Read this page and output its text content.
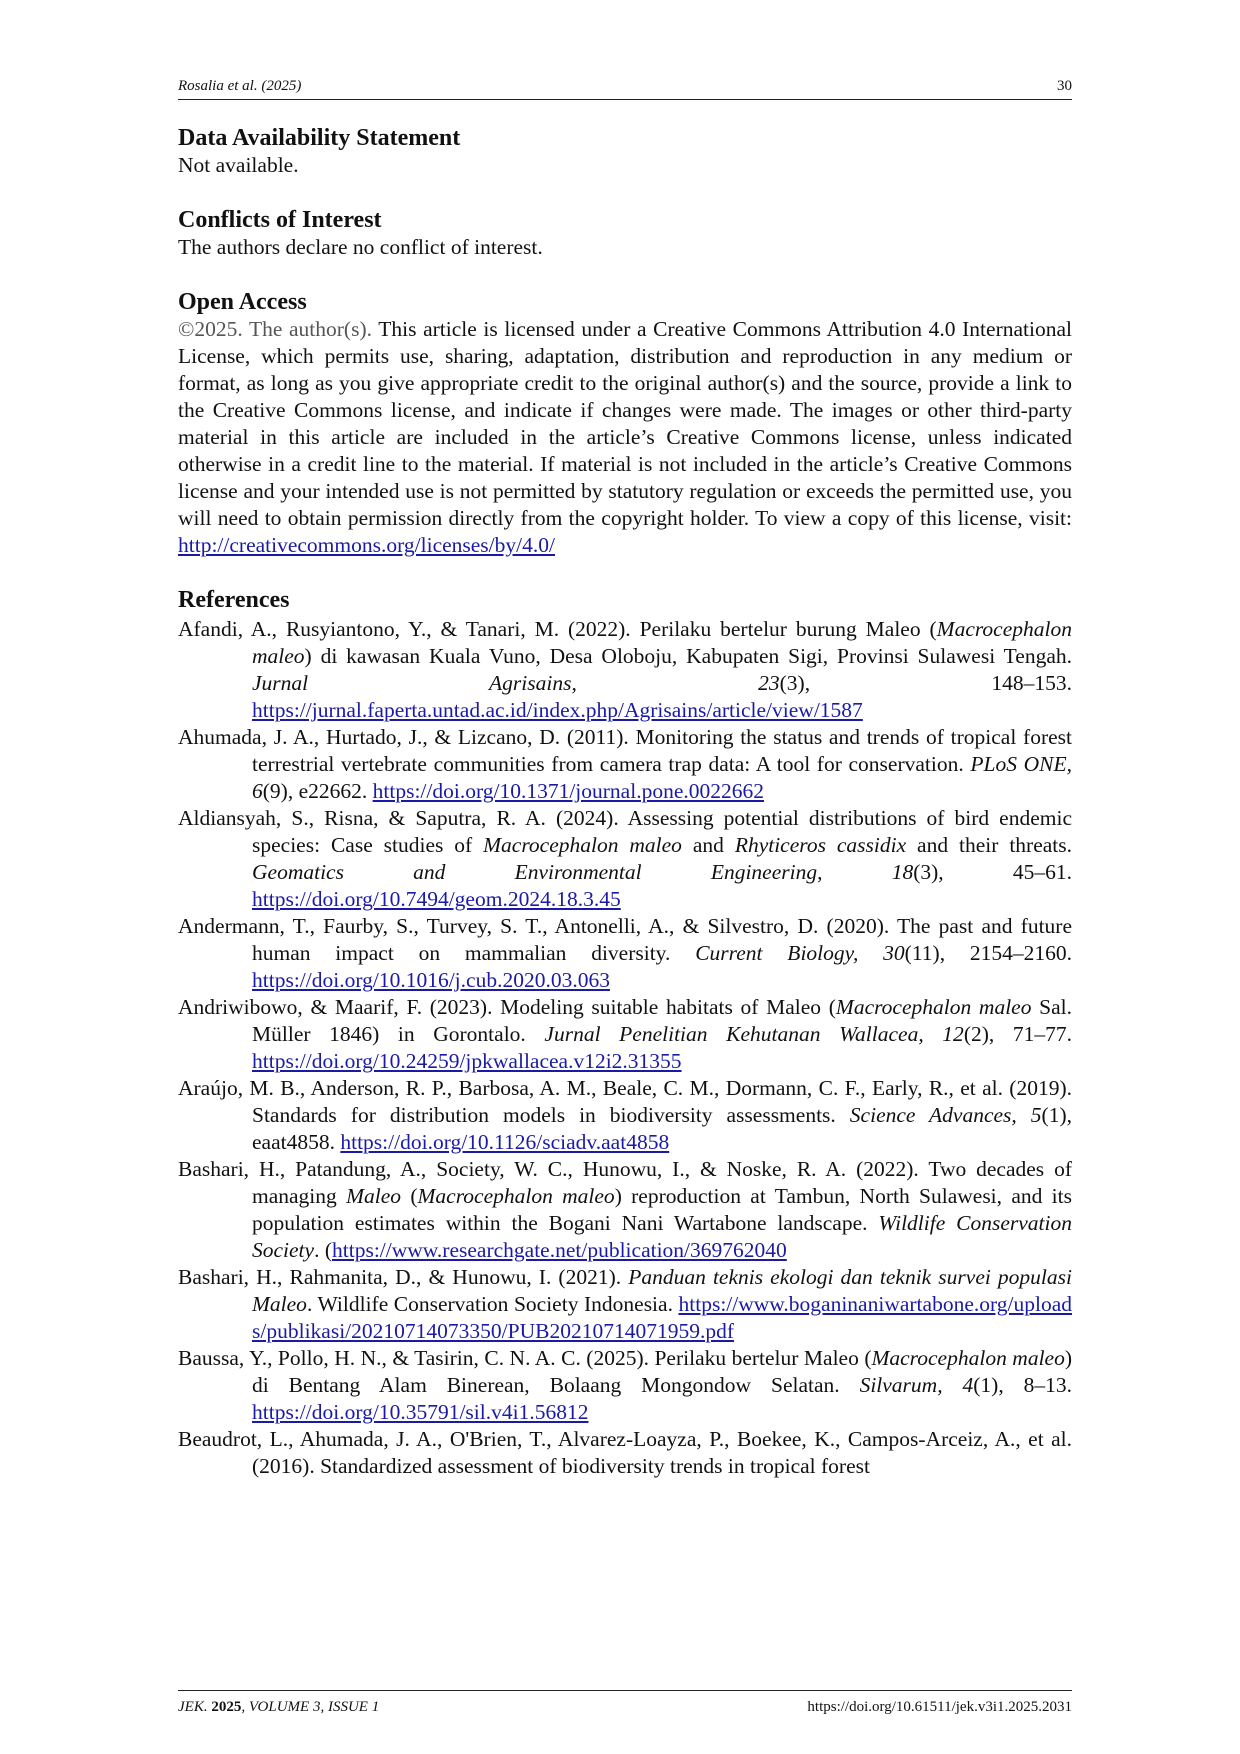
Rosalia et al. (2025)	30
Data Availability Statement

Not available.

Conflicts of Interest

The authors declare no conflict of interest.

Open Access

©2025. The author(s). This article is licensed under a Creative Commons Attribution 4.0 International License, which permits use, sharing, adaptation, distribution and reproduction in any medium or format, as long as you give appropriate credit to the original author(s) and the source, provide a link to the Creative Commons license, and indicate if changes were made. The images or other third-party material in this article are included in the article’s Creative Commons license, unless indicated otherwise in a credit line to the material. If material is not included in the article’s Creative Commons license and your intended use is not permitted by statutory regulation or exceeds the permitted use, you will need to obtain permission directly from the copyright holder. To view a copy of this license, visit: http://creativecommons.org/licenses/by/4.0/

References

Afandi, A., Rusyiantono, Y., & Tanari, M. (2022). Perilaku bertelur burung Maleo (Macrocephalon maleo) di kawasan Kuala Vuno, Desa Oloboju, Kabupaten Sigi, Provinsi Sulawesi Tengah. Jurnal Agrisains, 23(3), 148–153. https://jurnal.faperta.untad.ac.id/index.php/Agrisains/article/view/1587

Ahumada, J. A., Hurtado, J., & Lizcano, D. (2011). Monitoring the status and trends of tropical forest terrestrial vertebrate communities from camera trap data: A tool for conservation. PLoS ONE, 6(9), e22662. https://doi.org/10.1371/journal.pone.0022662

Aldiansyah, S., Risna, & Saputra, R. A. (2024). Assessing potential distributions of bird endemic species: Case studies of Macrocephalon maleo and Rhyticeros cassidix and their threats. Geomatics and Environmental Engineering, 18(3), 45–61. https://doi.org/10.7494/geom.2024.18.3.45

Andermann, T., Faurby, S., Turvey, S. T., Antonelli, A., & Silvestro, D. (2020). The past and future human impact on mammalian diversity. Current Biology, 30(11), 2154–2160. https://doi.org/10.1016/j.cub.2020.03.063

Andriwibowo, & Maarif, F. (2023). Modeling suitable habitats of Maleo (Macrocephalon maleo Sal. Müller 1846) in Gorontalo. Jurnal Penelitian Kehutanan Wallacea, 12(2), 71–77. https://doi.org/10.24259/jpkwallacea.v12i2.31355

Araújo, M. B., Anderson, R. P., Barbosa, A. M., Beale, C. M., Dormann, C. F., Early, R., et al. (2019). Standards for distribution models in biodiversity assessments. Science Advances, 5(1), eaat4858. https://doi.org/10.1126/sciadv.aat4858

Bashari, H., Patandung, A., Society, W. C., Hunowu, I., & Noske, R. A. (2022). Two decades of managing Maleo (Macrocephalon maleo) reproduction at Tambun, North Sulawesi, and its population estimates within the Bogani Nani Wartabone landscape. Wildlife Conservation Society. (https://www.researchgate.net/publication/369762040

Bashari, H., Rahmanita, D., & Hunowu, I. (2021). Panduan teknis ekologi dan teknik survei populasi Maleo. Wildlife Conservation Society Indonesia. https://www.boganinaniwartabone.org/uploads/publikasi/20210714073350/PUB20210714071959.pdf

Baussa, Y., Pollo, H. N., & Tasirin, C. N. A. C. (2025). Perilaku bertelur Maleo (Macrocephalon maleo) di Bentang Alam Binerean, Bolaang Mongondow Selatan. Silvarum, 4(1), 8–13. https://doi.org/10.35791/sil.v4i1.56812

Beaudrot, L., Ahumada, J. A., O'Brien, T., Alvarez-Loayza, P., Boekee, K., Campos-Arceiz, A., et al. (2016). Standardized assessment of biodiversity trends in tropical forest

JEK. 2025, VOLUME 3, ISSUE 1	https://doi.org/10.61511/jek.v3i1.2025.2031
